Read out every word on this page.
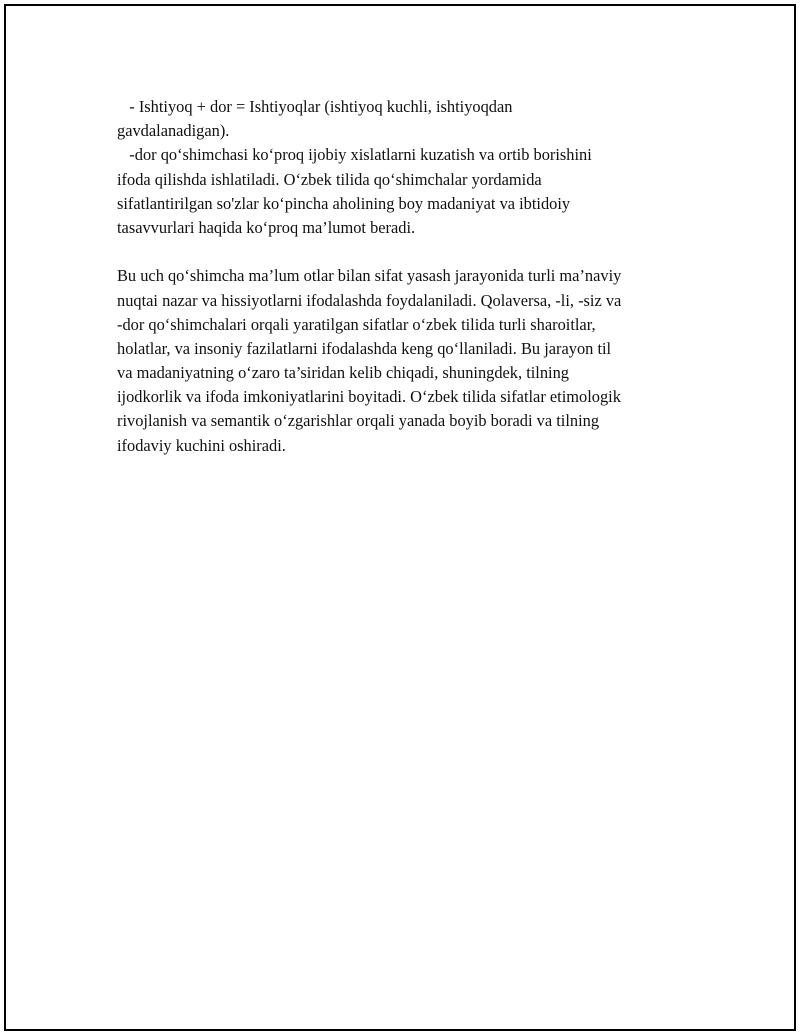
- Ishtiyoq + dor = Ishtiyoqlar (ishtiyoq kuchli, ishtiyoqdan
gavdalanadigan).
-dor qo‘shimchasi ko‘proq ijobiy xislatlarni kuzatish va ortib borishini
ifoda qilishda ishlatiladi. O‘zbek tilida qo‘shimchalar yordamida
sifatlantirilgan so'zlar ko‘pincha aholining boy madaniyat va ibtidoiy
tasavvurlari haqida ko‘proq ma’lumot beradi.
Bu uch qo‘shimcha ma’lum otlar bilan sifat yasash jarayonida turli ma’naviy
nuqtai nazar va hissiyotlarni ifodalashda foydalaniladi. Qolaversa, -li, -siz va
-dor qo‘shimchalari orqali yaratilgan sifatlar o‘zbek tilida turli sharoitlar,
holatlar, va insoniy fazilatlarni ifodalashda keng qo‘llaniladi. Bu jarayon til
va madaniyatning o‘zaro ta’siridan kelib chiqadi, shuningdek, tilning
ijodkorlik va ifoda imkoniyatlarini boyitadi. O‘zbek tilida sifatlar etimologik
rivojlanish va semantik o‘zgarishlar orqali yanada boyib boradi va tilning
ifodaviy kuchini oshiradi.
